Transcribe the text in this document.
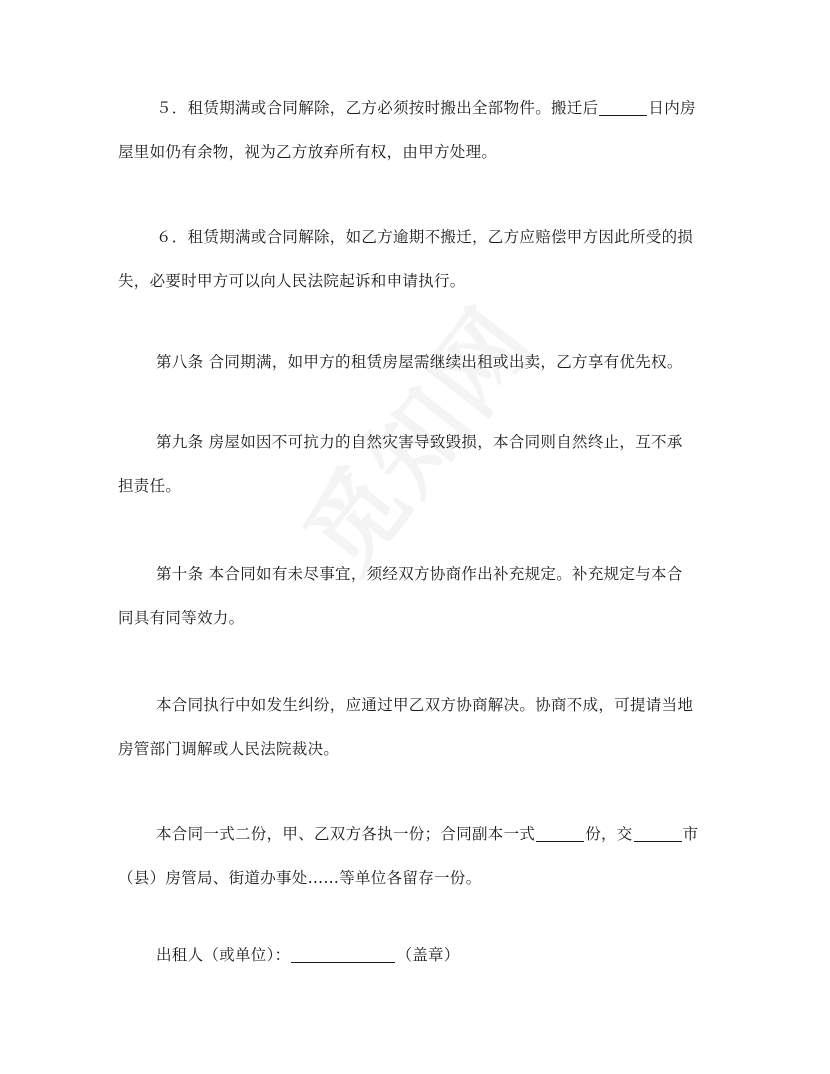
５．租赁期满或合同解除，乙方必须按时搬出全部物件。搬迁后	日内房
屋里如仍有余物，视为乙方放弃所有权，由甲方处理。

６．租赁期满或合同解除，如乙方逾期不搬迁，乙方应赔偿甲方因此所受的损
失，必要时甲方可以向人民法院起诉和申请执行。

第八条 合同期满，如甲方的租赁房屋需继续出租或出卖，乙方享有优先权。

第九条 房屋如因不可抗力的自然灾害导致毁损，本合同则自然终止，互不承
担责任。

第十条 本合同如有未尽事宜，须经双方协商作出补充规定。补充规定与本合
同具有同等效力。

本合同执行中如发生纠纷，应通过甲乙双方协商解决。协商不成，可提请当地
房管部门调解或人民法院裁决。

本合同一式二份，甲、乙双方各执一份；合同副本一式	份，交	市
（县）房管局、街道办事处……等单位各留存一份。

出租人（或单位）：	（盖章）
